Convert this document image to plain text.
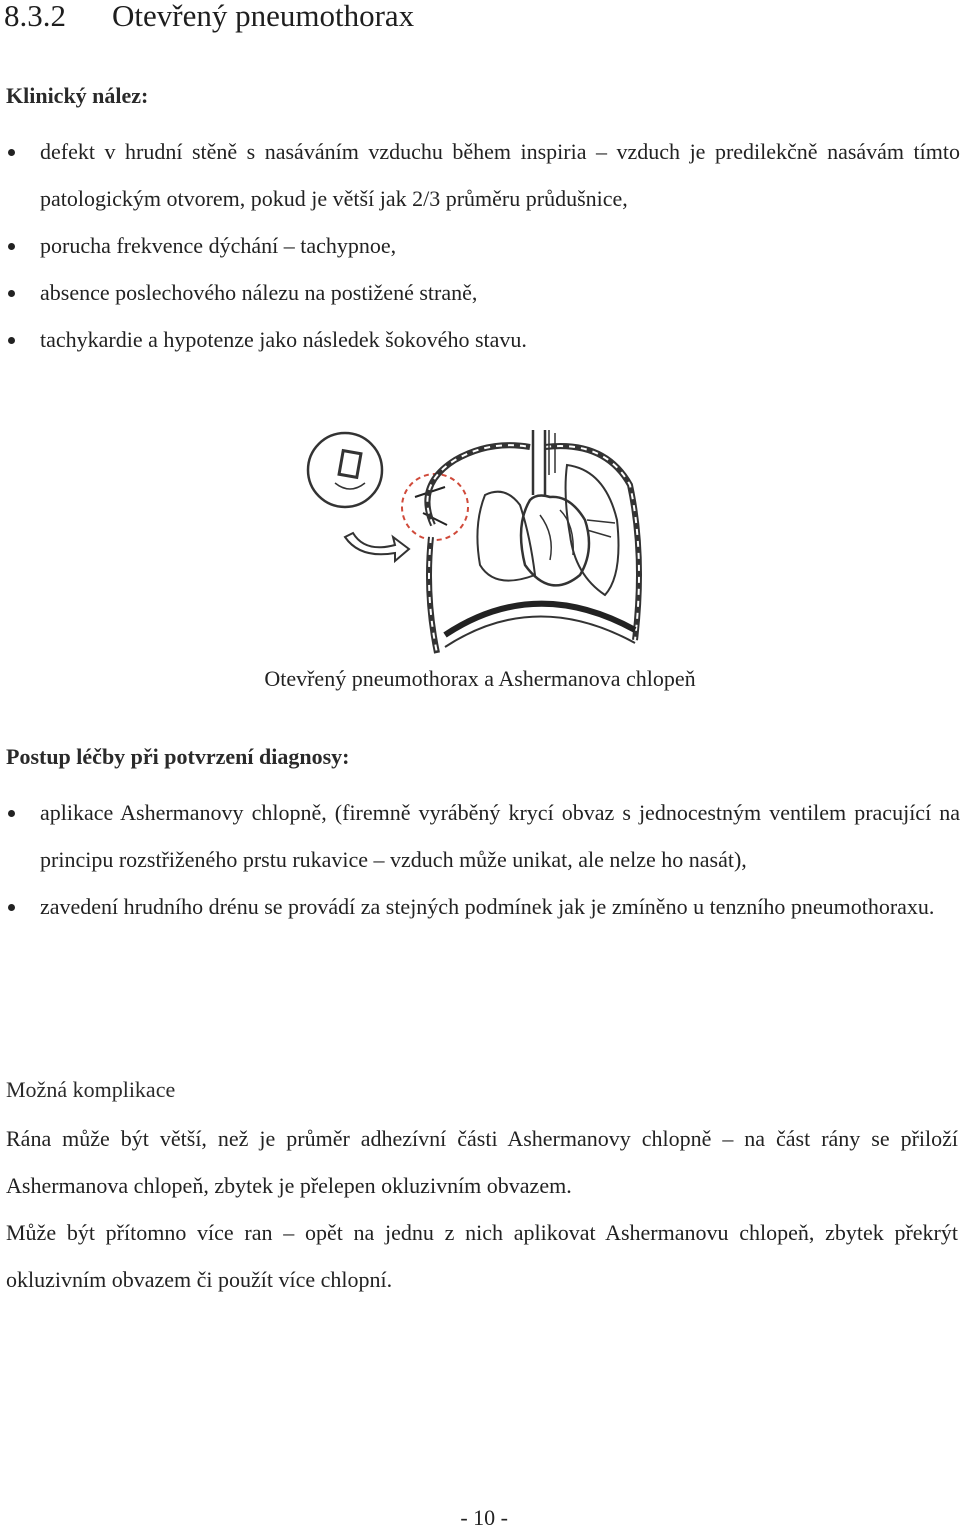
8.3.2 Otevřený pneumothorax
Klinický nález:
defekt v hrudní stěně s nasáváním vzduchu během inspiria – vzduch je predilekčně nasávám tímto patologickým otvorem, pokud je větší jak 2/3 průměru průdušnice,
porucha frekvence dýchání – tachypnoe,
absence poslechového nálezu na postižené straně,
tachykardie a hypotenze jako následek šokového stavu.

Otevřený pneumothorax a Ashermanova chlopeň

Postup léčby při potvrzení diagnosy:
aplikace Ashermanovy chlopně, (firemně vyráběný krycí obvaz s jednocestným ventilem pracující na principu rozstřiženého prstu rukavice – vzduch může unikat, ale nelze ho nasát),
zavedení hrudního drénu se provádí za stejných podmínek jak je zmíněno u tenzního pneumothoraxu.
Možná komplikace

Rána může být větší, než je průměr adhezívní části Ashermanovy chlopně – na část rány se přiloží Ashermanova chlopeň, zbytek je přelepen okluzivním obvazem.

Může být přítomno více ran – opět na jednu z nich aplikovat Ashermanovu chlopeň, zbytek překrýt okluzivním obvazem či použít více chlopní.

- 10 -
